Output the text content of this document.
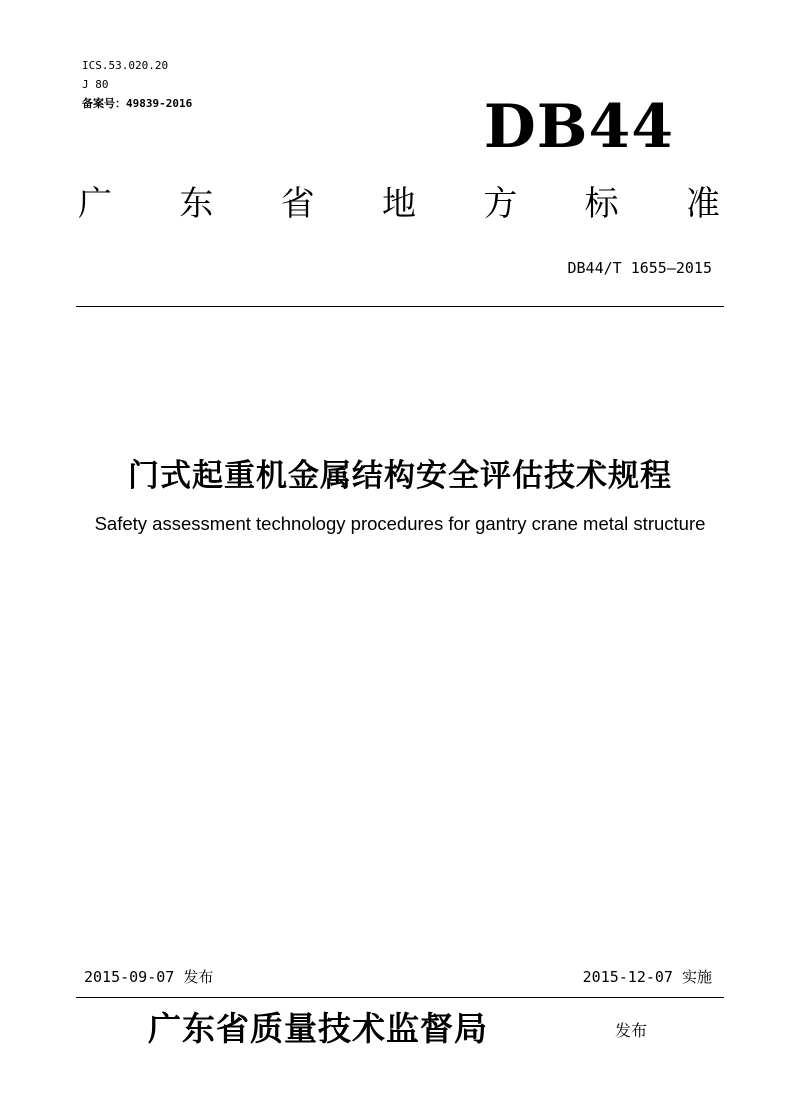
ICS.53.020.20
J 80
备案号：49839-2016	DB44
广 东 省 地 方 标 准
DB44/T 1655—2015
门式起重机金属结构安全评估技术规程
Safety assessment technology procedures for gantry crane metal structure
2015-09-07 发布	2015-12-07 实施
广东省质量技术监督局	发布
